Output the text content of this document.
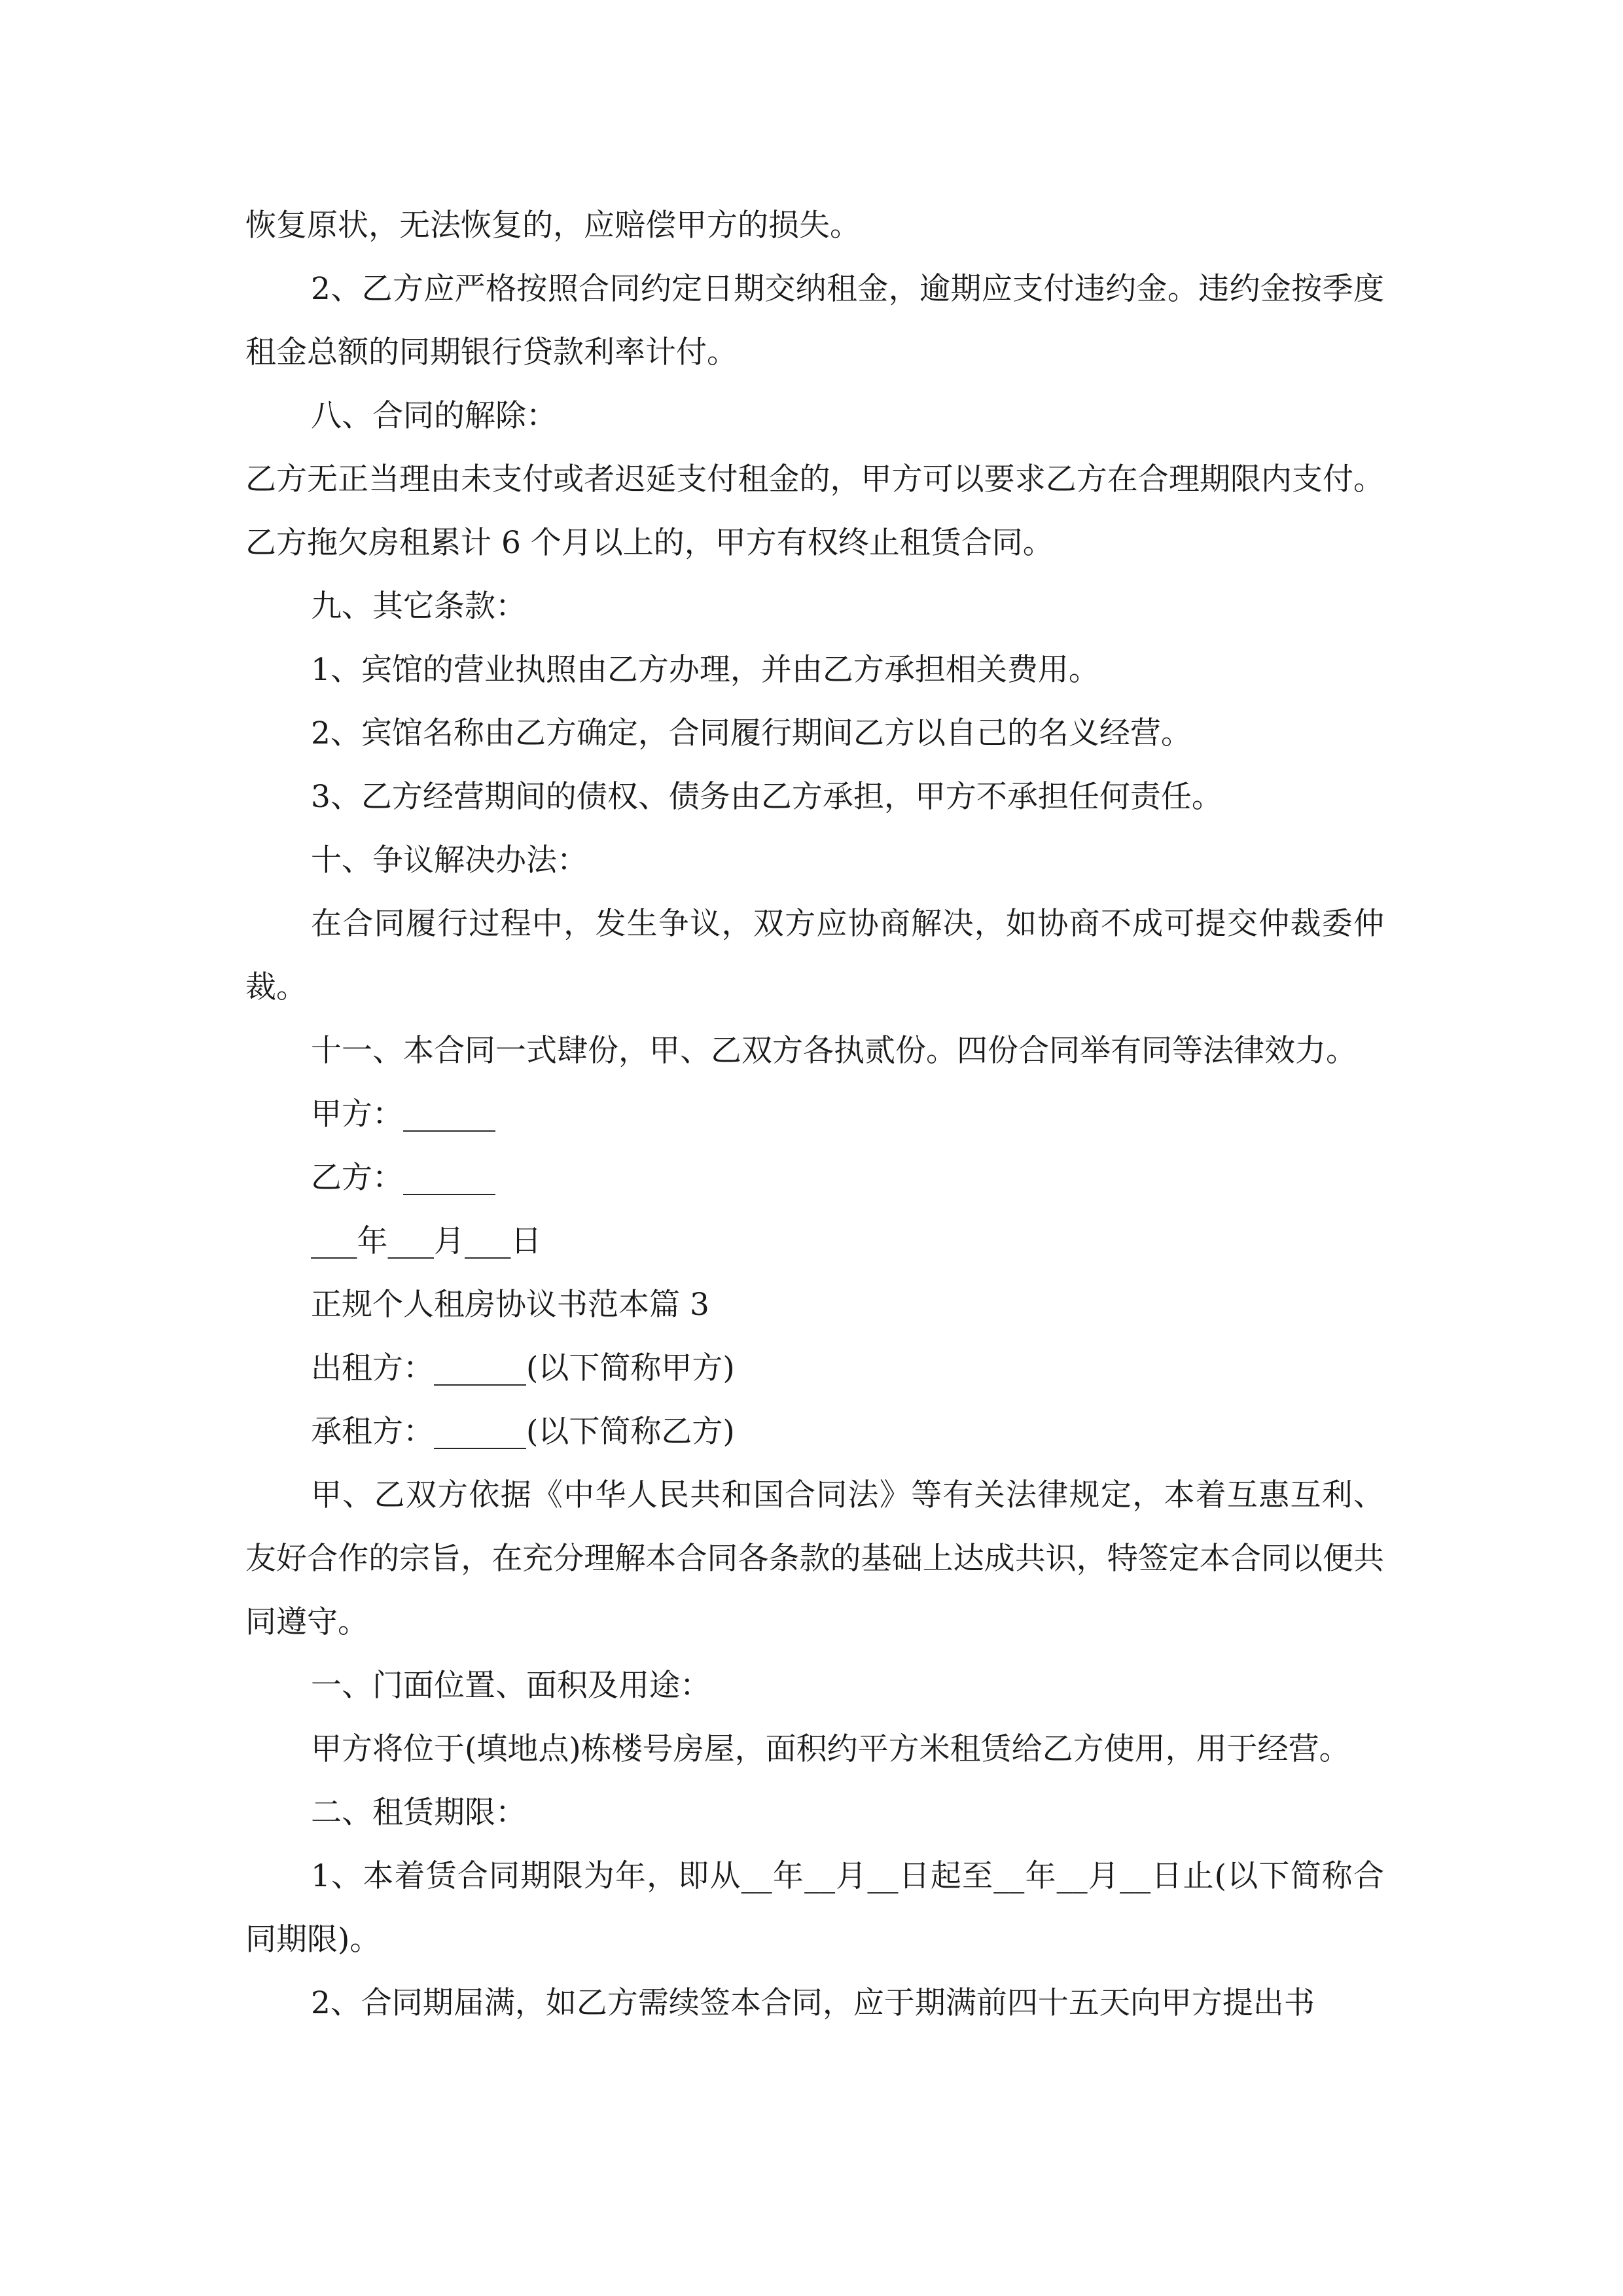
恢复原状，无法恢复的，应赔偿甲方的损失。

2、乙方应严格按照合同约定日期交纳租金，逾期应支付违约金。违约金按季度租金总额的同期银行贷款利率计付。

八、合同的解除：

乙方无正当理由未支付或者迟延支付租金的，甲方可以要求乙方在合理期限内支付。乙方拖欠房租累计 6 个月以上的，甲方有权终止租赁合同。

九、其它条款：

1、宾馆的营业执照由乙方办理，并由乙方承担相关费用。

2、宾馆名称由乙方确定，合同履行期间乙方以自己的名义经营。

3、乙方经营期间的债权、债务由乙方承担，甲方不承担任何责任。

十、争议解决办法：

在合同履行过程中，发生争议，双方应协商解决，如协商不成可提交仲裁委仲裁。

十一、本合同一式肆份，甲、乙双方各执贰份。四份合同举有同等法律效力。

甲方：______

乙方：______

___年___月___日

正规个人租房协议书范本篇 3

出租方：______(以下简称甲方)

承租方：______(以下简称乙方)

甲、乙双方依据《中华人民共和国合同法》等有关法律规定，本着互惠互利、友好合作的宗旨，在充分理解本合同各条款的基础上达成共识，特签定本合同以便共同遵守。

一、门面位置、面积及用途：

甲方将位于(填地点)栋楼号房屋，面积约平方米租赁给乙方使用，用于经营。

二、租赁期限：

1、本着赁合同期限为年，即从__年__月__日起至__年__月__日止(以下简称合同期限)。

2、合同期届满，如乙方需续签本合同，应于期满前四十五天向甲方提出书
